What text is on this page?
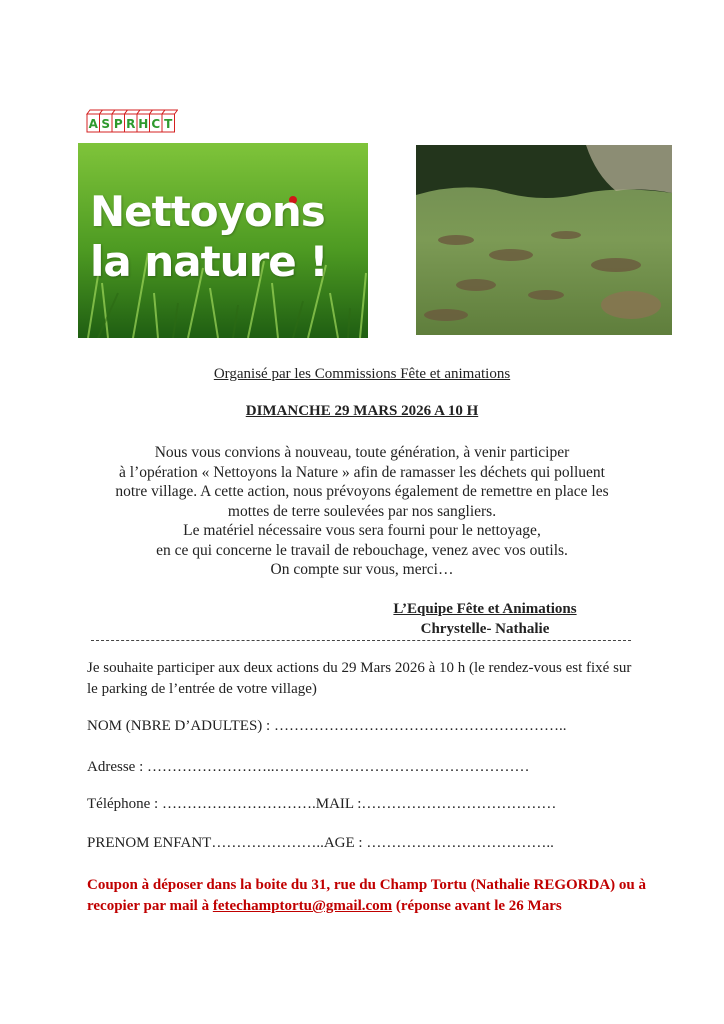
A S P R H C T
Nettoyons
la nature !
Organisé par les Commissions Fête et animations
DIMANCHE 29 MARS 2026 A 10 H
Nous vous convions à nouveau, toute génération, à venir participer
à l’opération « Nettoyons la Nature » afin de ramasser les déchets qui polluent
notre village. A cette action, nous prévoyons également de remettre en place les
mottes de terre soulevées par nos sangliers.
Le matériel nécessaire vous sera fourni pour le nettoyage,
en ce qui concerne le travail de rebouchage, venez avec vos outils.
On compte sur vous, merci…
L’Equipe Fête et Animations
Chrystelle- Nathalie
Je souhaite participer aux deux actions du 29 Mars 2026 à 10 h (le rendez-vous est fixé sur le parking de l’entrée de votre village)
NOM (NBRE D’ADULTES) : …………………………………………………..
Adresse : ……………………..……………………………………………
Téléphone : ………………………….MAIL :…………………………………
PRENOM ENFANT…………………..AGE : ………………………………..
Coupon à déposer dans la boite du 31, rue du Champ Tortu (Nathalie REGORDA) ou à recopier par mail à fetechamptortu@gmail.com (réponse avant le 26 Mars
